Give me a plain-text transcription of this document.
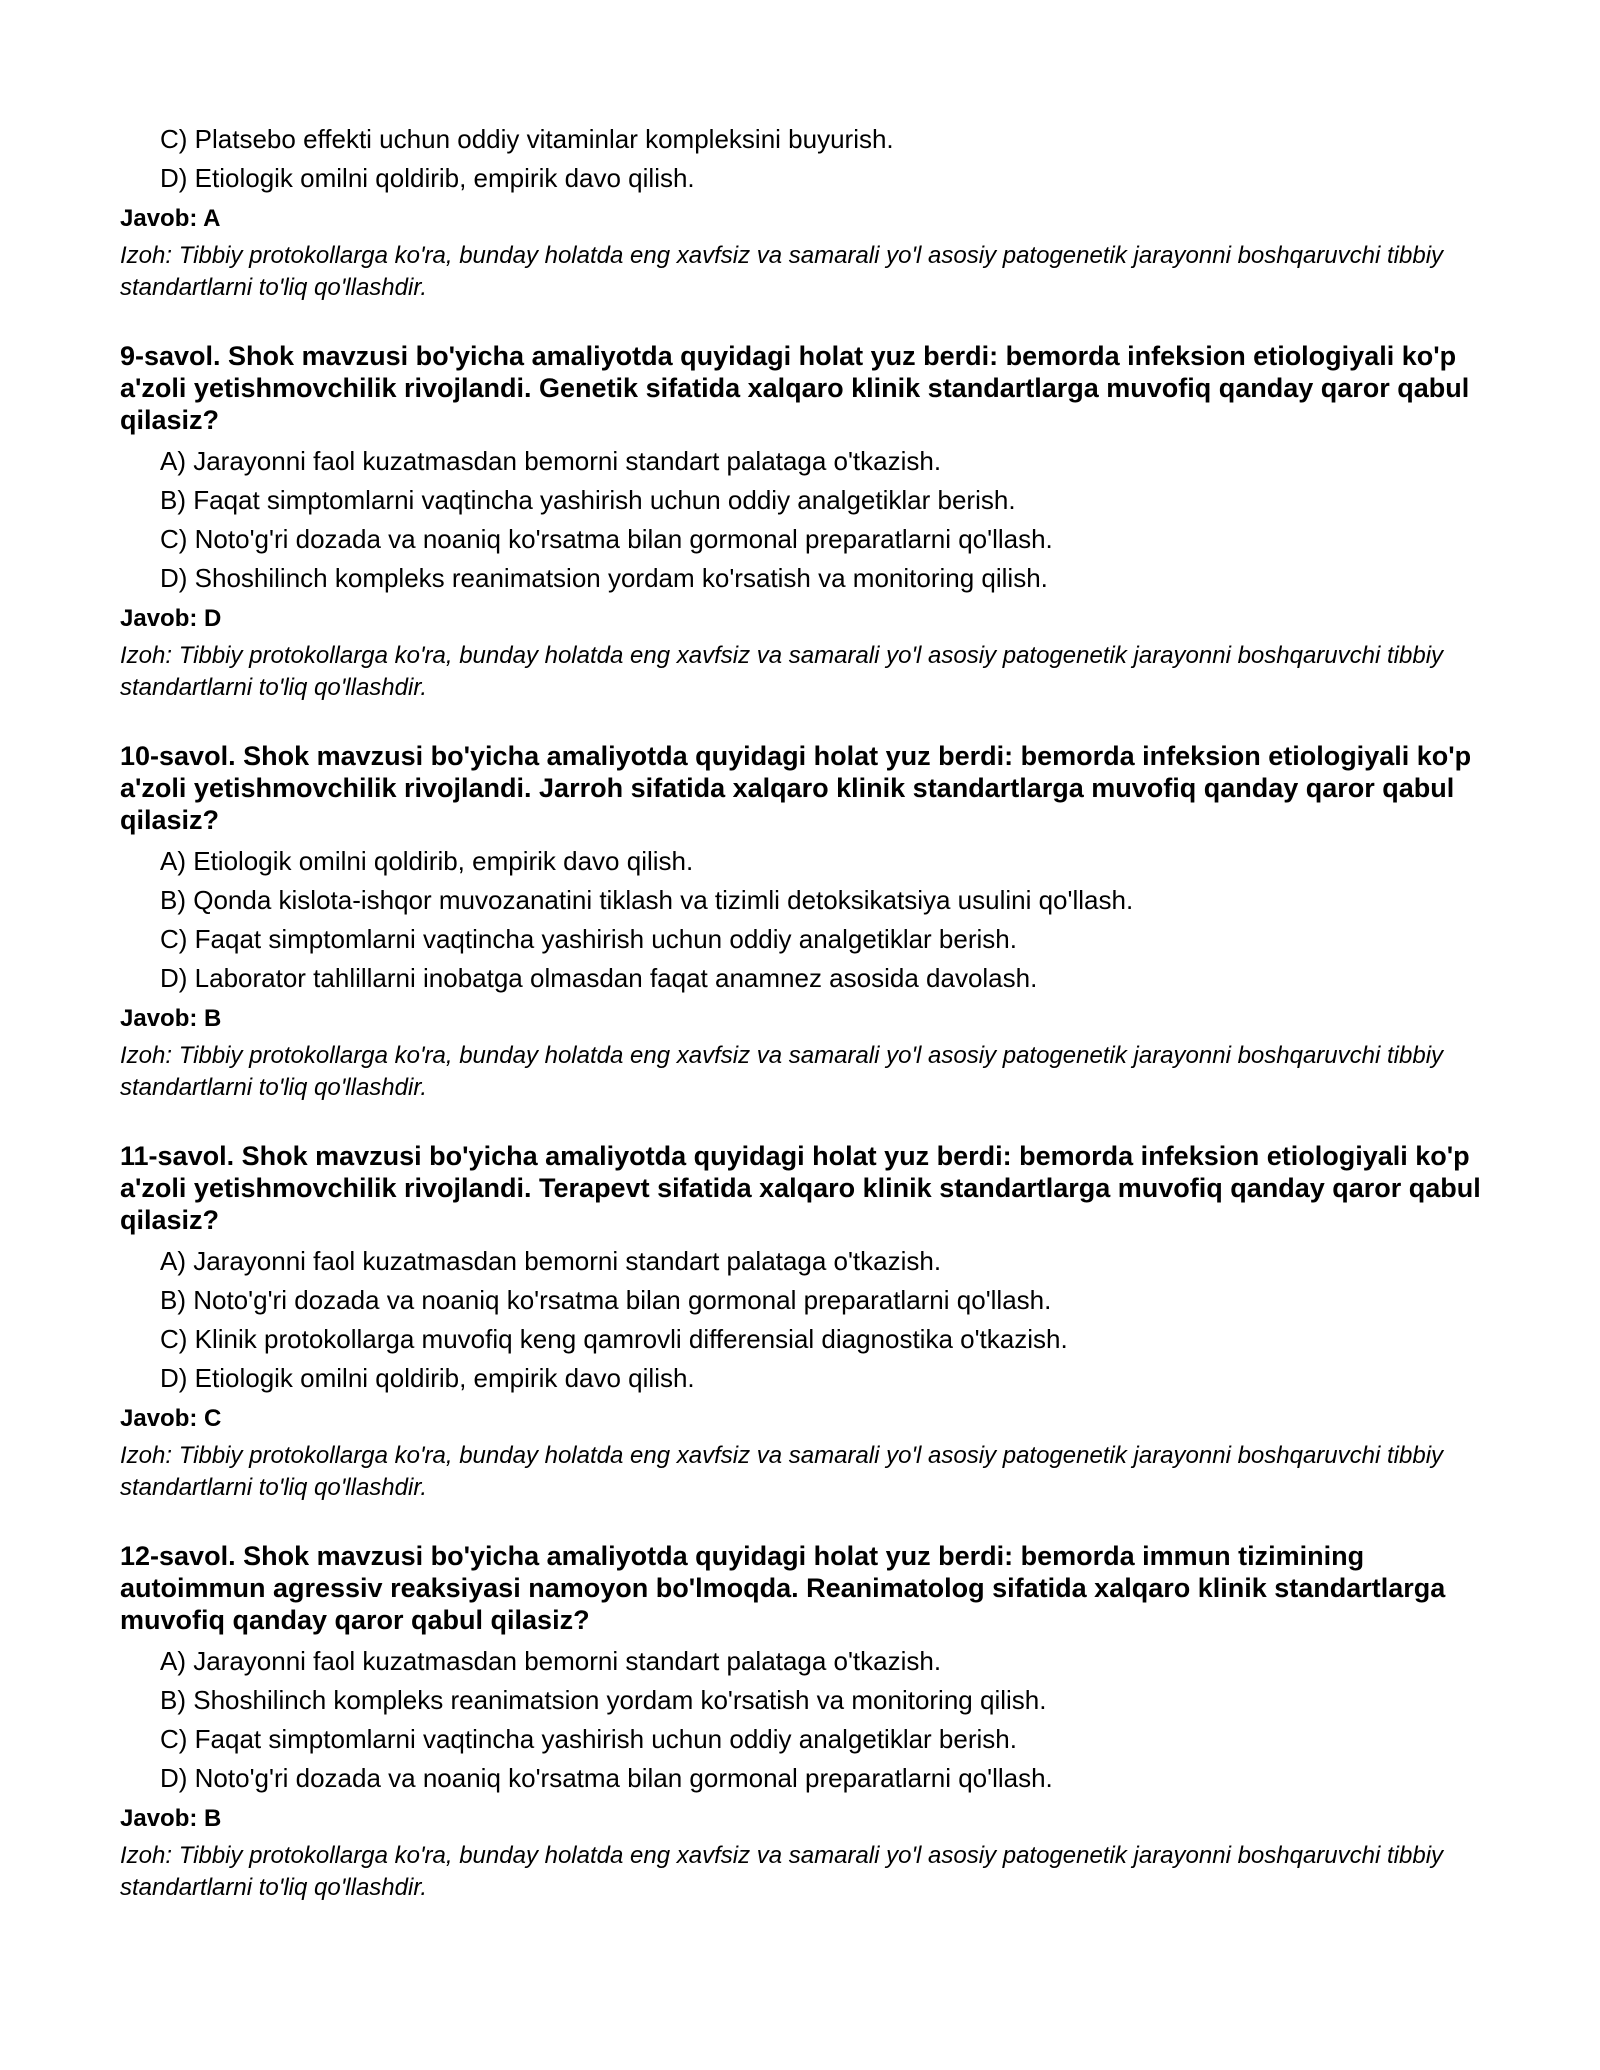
C) Platsebo effekti uchun oddiy vitaminlar kompleksini buyurish.
D) Etiologik omilni qoldirib, empirik davo qilish.
Javob: A
Izoh: Tibbiy protokollarga ko'ra, bunday holatda eng xavfsiz va samarali yo'l asosiy patogenetik jarayonni boshqaruvchi tibbiy standartlarni to'liq qo'llashdir.
9-savol. Shok mavzusi bo'yicha amaliyotda quyidagi holat yuz berdi: bemorda infeksion etiologiyali ko'p a'zoli yetishmovchilik rivojlandi. Genetik sifatida xalqaro klinik standartlarga muvofiq qanday qaror qabul qilasiz?
A) Jarayonni faol kuzatmasdan bemorni standart palataga o'tkazish.
B) Faqat simptomlarni vaqtincha yashirish uchun oddiy analgetiklar berish.
C) Noto'g'ri dozada va noaniq ko'rsatma bilan gormonal preparatlarni qo'llash.
D) Shoshilinch kompleks reanimatsion yordam ko'rsatish va monitoring qilish.
Javob: D
Izoh: Tibbiy protokollarga ko'ra, bunday holatda eng xavfsiz va samarali yo'l asosiy patogenetik jarayonni boshqaruvchi tibbiy standartlarni to'liq qo'llashdir.
10-savol. Shok mavzusi bo'yicha amaliyotda quyidagi holat yuz berdi: bemorda infeksion etiologiyali ko'p a'zoli yetishmovchilik rivojlandi. Jarroh sifatida xalqaro klinik standartlarga muvofiq qanday qaror qabul qilasiz?
A) Etiologik omilni qoldirib, empirik davo qilish.
B) Qonda kislota-ishqor muvozanatini tiklash va tizimli detoksikatsiya usulini qo'llash.
C) Faqat simptomlarni vaqtincha yashirish uchun oddiy analgetiklar berish.
D) Laborator tahlillarni inobatga olmasdan faqat anamnez asosida davolash.
Javob: B
Izoh: Tibbiy protokollarga ko'ra, bunday holatda eng xavfsiz va samarali yo'l asosiy patogenetik jarayonni boshqaruvchi tibbiy standartlarni to'liq qo'llashdir.
11-savol. Shok mavzusi bo'yicha amaliyotda quyidagi holat yuz berdi: bemorda infeksion etiologiyali ko'p a'zoli yetishmovchilik rivojlandi. Terapevt sifatida xalqaro klinik standartlarga muvofiq qanday qaror qabul qilasiz?
A) Jarayonni faol kuzatmasdan bemorni standart palataga o'tkazish.
B) Noto'g'ri dozada va noaniq ko'rsatma bilan gormonal preparatlarni qo'llash.
C) Klinik protokollarga muvofiq keng qamrovli differensial diagnostika o'tkazish.
D) Etiologik omilni qoldirib, empirik davo qilish.
Javob: C
Izoh: Tibbiy protokollarga ko'ra, bunday holatda eng xavfsiz va samarali yo'l asosiy patogenetik jarayonni boshqaruvchi tibbiy standartlarni to'liq qo'llashdir.
12-savol. Shok mavzusi bo'yicha amaliyotda quyidagi holat yuz berdi: bemorda immun tizimining autoimmun agressiv reaksiyasi namoyon bo'lmoqda. Reanimatolog sifatida xalqaro klinik standartlarga muvofiq qanday qaror qabul qilasiz?
A) Jarayonni faol kuzatmasdan bemorni standart palataga o'tkazish.
B) Shoshilinch kompleks reanimatsion yordam ko'rsatish va monitoring qilish.
C) Faqat simptomlarni vaqtincha yashirish uchun oddiy analgetiklar berish.
D) Noto'g'ri dozada va noaniq ko'rsatma bilan gormonal preparatlarni qo'llash.
Javob: B
Izoh: Tibbiy protokollarga ko'ra, bunday holatda eng xavfsiz va samarali yo'l asosiy patogenetik jarayonni boshqaruvchi tibbiy standartlarni to'liq qo'llashdir.
